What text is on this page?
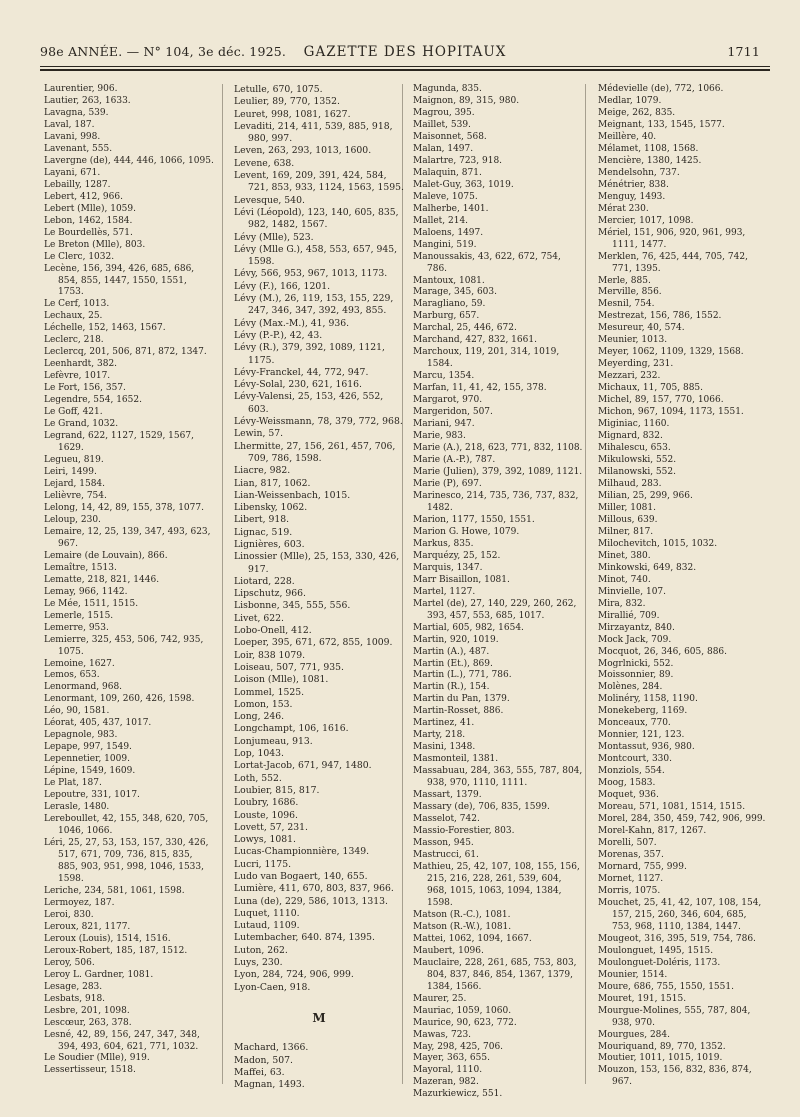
98e ANNÉE. — N° 104, 3e déc. 1925.	GAZETTE DES HOPITAUX	1711
Laurentier, 906.
Lautier, 263, 1633.
Lavagna, 539.
Laval, 187.
Lavani, 998.
Lavenant, 555.
Lavergne (de), 444, 446, 1066, 1095.
Layani, 671.
Lebailly, 1287.
Lebert, 412, 966.
Lebert (Mlle), 1059.
Lebon, 1462, 1584.
Le Bourdellès, 571.
Le Breton (Mlle), 803.
Le Clerc, 1032.
Lecène, 156, 394, 426, 685, 686, 854, 855, 1447, 1550, 1551, 1753.
Le Cerf, 1013.
Lechaux, 25.
Léchelle, 152, 1463, 1567.
Leclerc, 218.
Leclercq, 201, 506, 871, 872, 1347.
Leenhardt, 382.
Lefèvre, 1017.
Le Fort, 156, 357.
Legendre, 554, 1652.
Le Goff, 421.
Le Grand, 1032.
Legrand, 622, 1127, 1529, 1567, 1629.
Legueu, 819.
Leiri, 1499.
Lejard, 1584.
Lelièvre, 754.
Lelong, 14, 42, 89, 155, 378, 1077.
Leloup, 230.
Lemaire, 12, 25, 139, 347, 493, 623, 967.
Lemaire (de Louvain), 866.
Lemaître, 1513.
Lematte, 218, 821, 1446.
Lemay, 966, 1142.
Le Mée, 1511, 1515.
Lemerle, 1515.
Lemerre, 953.
Lemierre, 325, 453, 506, 742, 935, 1075.
Lemoine, 1627.
Lemos, 653.
Lenormand, 968.
Lenormant, 109, 260, 426, 1598.
Léo, 90, 1581.
Léorat, 405, 437, 1017.
Lepagnole, 983.
Lepape, 997, 1549.
Lepennetier, 1009.
Lépine, 1549, 1609.
Le Plat, 187.
Lepoutre, 331, 1017.
Lerasle, 1480.
Lereboullet, 42, 155, 348, 620, 705, 1046, 1066.
Léri, 25, 27, 53, 153, 157, 330, 426, 517, 671, 709, 736, 815, 835, 885, 903, 951, 998, 1046, 1533, 1598.
Leriche, 234, 581, 1061, 1598.
Lermoyez, 187.
Leroi, 830.
Leroux, 821, 1177.
Leroux (Louis), 1514, 1516.
Leroux-Robert, 185, 187, 1512.
Leroy, 506.
Leroy L. Gardner, 1081.
Lesage, 283.
Lesbats, 918.
Lesbre, 201, 1098.
Lescœur, 263, 378.
Lesné, 42, 89, 156, 247, 347, 348, 394, 493, 604, 621, 771, 1032.
Le Soudier (Mlle), 919.
Lessertisseur, 1518.
Letulle, 670, 1075.
Leulier, 89, 770, 1352.
Leuret, 998, 1081, 1627.
Levaditi, 214, 411, 539, 885, 918, 980, 997.
Leven, 263, 293, 1013, 1600.
Levene, 638.
Levent, 169, 209, 391, 424, 584, 721, 853, 933, 1124, 1563, 1595.
Levesque, 540.
Lévi (Léopold), 123, 140, 605, 835, 982, 1482, 1567.
Lévy (Mlle), 523.
Lévy (Mlle G.), 458, 553, 657, 945, 1598.
Lévy, 566, 953, 967, 1013, 1173.
Lévy (F.), 166, 1201.
Lévy (M.), 26, 119, 153, 155, 229, 247, 346, 347, 392, 493, 855.
Lévy (Max.-M.), 41, 936.
Lévy (P.-P.), 42, 43.
Lévy (R.), 379, 392, 1089, 1121, 1175.
Lévy-Franckel, 44, 772, 947.
Lévy-Solal, 230, 621, 1616.
Lévy-Valensi, 25, 153, 426, 552, 603.
Lévy-Weissmann, 78, 379, 772, 968.
Lewin, 57.
Lhermitte, 27, 156, 261, 457, 706, 709, 786, 1598.
Liacre, 982.
Lian, 817, 1062.
Lian-Weissenbach, 1015.
Libensky, 1062.
Libert, 918.
Lignac, 519.
Lignières, 603.
Linossier (Mlle), 25, 153, 330, 426, 917.
Liotard, 228.
Lipschutz, 966.
Lisbonne, 345, 555, 556.
Livet, 622.
Lobo-Onell, 412.
Loeper, 395, 671, 672, 855, 1009.
Loir, 838 1079.
Loiseau, 507, 771, 935.
Loison (Mlle), 1081.
Lommel, 1525.
Lomon, 153.
Long, 246.
Longchampt, 106, 1616.
Lonjumeau, 913.
Lop, 1043.
Lortat-Jacob, 671, 947, 1480.
Loth, 552.
Loubier, 815, 817.
Loubry, 1686.
Louste, 1096.
Lovett, 57, 231.
Lowys, 1081.
Lucas-Championnière, 1349.
Lucri, 1175.
Ludo van Bogaert, 140, 655.
Lumière, 411, 670, 803, 837, 966.
Luna (de), 229, 586, 1013, 1313.
Luquet, 1110.
Lutaud, 1109.
Lutembacher, 640. 874, 1395.
Luton, 262.
Luys, 230.
Lyon, 284, 724, 906, 999.
Lyon-Caen, 918.
M
Machard, 1366.
Madon, 507.
Maffei, 63.
Magnan, 1493.
Magunda, 835.
Maignon, 89, 315, 980.
Magrou, 395.
Maillet, 539.
Maisonnet, 568.
Malan, 1497.
Malartre, 723, 918.
Malaquin, 871.
Malet-Guy, 363, 1019.
Maleve, 1075.
Malherbe, 1401.
Mallet, 214.
Maloens, 1497.
Mangini, 519.
Manoussakis, 43, 622, 672, 754, 786.
Mantoux, 1081.
Marage, 345, 603.
Maragliano, 59.
Marburg, 657.
Marchal, 25, 446, 672.
Marchand, 427, 832, 1661.
Marchoux, 119, 201, 314, 1019, 1584.
Marcu, 1354.
Marfan, 11, 41, 42, 155, 378.
Margarot, 970.
Margeridon, 507.
Mariani, 947.
Marie, 983.
Marie (A.), 218, 623, 771, 832, 1108.
Marie (A.-P.), 787.
Marie (Julien), 379, 392, 1089, 1121.
Marie (P), 697.
Marinesco, 214, 735, 736, 737, 832, 1482.
Marion, 1177, 1550, 1551.
Marion G. Howe, 1079.
Markus, 835.
Marquézy, 25, 152.
Marquis, 1347.
Marr Bisaillon, 1081.
Martel, 1127.
Martel (de), 27, 140, 229, 260, 262, 393, 457, 553, 685, 1017.
Martial, 605, 982, 1654.
Martin, 920, 1019.
Martin (A.), 487.
Martin (Et.), 869.
Martin (L.), 771, 786.
Martin (R.), 154.
Martin du Pan, 1379.
Martin-Rosset, 886.
Martinez, 41.
Marty, 218.
Masini, 1348.
Masmonteil, 1381.
Massabuau, 284, 363, 555, 787, 804, 938, 970, 1110, 1111.
Massart, 1379.
Massary (de), 706, 835, 1599.
Masselot, 742.
Massio-Forestier, 803.
Masson, 945.
Mastrucci, 61.
Mathieu, 25, 42, 107, 108, 155, 156, 215, 216, 228, 261, 539, 604, 968, 1015, 1063, 1094, 1384, 1598.
Matson (R.-C.), 1081.
Matson (R.-W.), 1081.
Mattei, 1062, 1094, 1667.
Maubert, 1096.
Mauclaire, 228, 261, 685, 753, 803, 804, 837, 846, 854, 1367, 1379, 1384, 1566.
Maurer, 25.
Mauriac, 1059, 1060.
Maurice, 90, 623, 772.
Mawas, 723.
May, 298, 425, 706.
Mayer, 363, 655.
Mayoral, 1110.
Mazeran, 982.
Mazurkiewicz, 551.
Médevielle (de), 772, 1066.
Medlar, 1079.
Meige, 262, 835.
Meignant, 133, 1545, 1577.
Meillère, 40.
Mélamet, 1108, 1568.
Mencière, 1380, 1425.
Mendelsohn, 737.
Ménétrier, 838.
Menguy, 1493.
Mérat 230.
Mercier, 1017, 1098.
Mériel, 151, 906, 920, 961, 993, 1111, 1477.
Merklen, 76, 425, 444, 705, 742, 771, 1395.
Merle, 885.
Merville, 856.
Mesnil, 754.
Mestrezat, 156, 786, 1552.
Mesureur, 40, 574.
Meunier, 1013.
Meyer, 1062, 1109, 1329, 1568.
Meyerding, 231.
Mezzari, 232.
Michaux, 11, 705, 885.
Michel, 89, 157, 770, 1066.
Michon, 967, 1094, 1173, 1551.
Miginiac, 1160.
Mignard, 832.
Mihalescu, 653.
Mikulowski, 552.
Milanowski, 552.
Milhaud, 283.
Milian, 25, 299, 966.
Miller, 1081.
Millous, 639.
Milner, 817.
Milochevitch, 1015, 1032.
Minet, 380.
Minkowski, 649, 832.
Minot, 740.
Minvielle, 107.
Mira, 832.
Mirallié, 709.
Mirzayantz, 840.
Mock Jack, 709.
Mocquot, 26, 346, 605, 886.
Mogrlnicki, 552.
Moissonnier, 89.
Molènes, 284.
Molinéry, 1158, 1190.
Monekeberg, 1169.
Monceaux, 770.
Monnier, 121, 123.
Montassut, 936, 980.
Montcourt, 330.
Monziols, 554.
Moog, 1583.
Moquet, 936.
Moreau, 571, 1081, 1514, 1515.
Morel, 284, 350, 459, 742, 906, 999.
Morel-Kahn, 817, 1267.
Morelli, 507.
Morenas, 357.
Mornard, 755, 999.
Mornet, 1127.
Morris, 1075.
Mouchet, 25, 41, 42, 107, 108, 154, 157, 215, 260, 346, 604, 685, 753, 968, 1110, 1384, 1447.
Mougeot, 316, 395, 519, 754, 786.
Moulonguet, 1495, 1515.
Moulonguet-Doléris, 1173.
Mounier, 1514.
Moure, 686, 755, 1550, 1551.
Mouret, 191, 1515.
Mourgue-Molines, 555, 787, 804, 938, 970.
Mourgues, 284.
Mouriquand, 89, 770, 1352.
Moutier, 1011, 1015, 1019.
Mouzon, 153, 156, 832, 836, 874, 967.
